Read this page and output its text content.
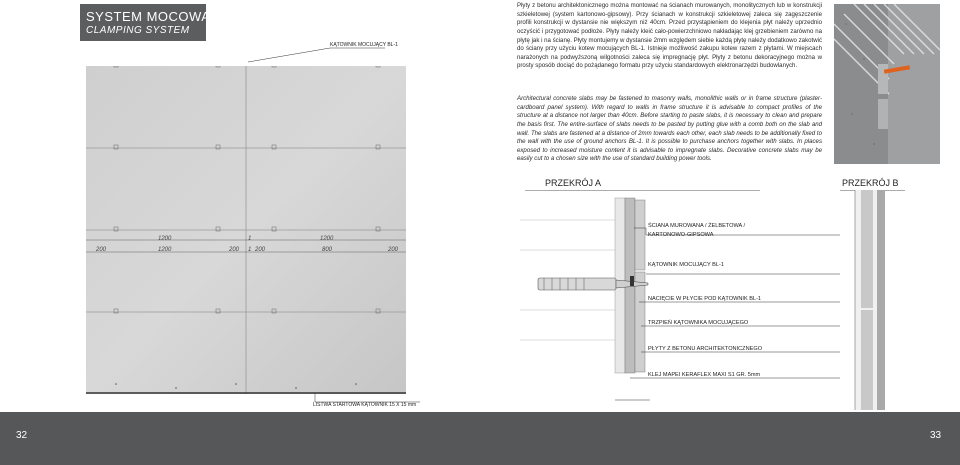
SYSTEM MOCOWAŃ
CLAMPING SYSTEM
KĄTOWNIK MOCUJĄCY BL-1
1200	1	1200
200	1200	200 1 200	800	200
LISTWA STARTOWA KĄTOWNIK 15 X 15 mm
Płyty z betonu architektonicznego można montować na ścianach murowanych, monolitycznych lub w konstrukcji szkieletowej (system kartonowo-gipsowy). Przy ścianach w konstrukcji szkieletowej zaleca się zagęszczenie profili konstrukcji w dystansie nie większym niż 40cm. Przed przystąpieniem do klejenia płyt należy uprzednio oczyścić i przygotować podłoże. Płyty należy kleić cało-powierzchniowo nakładając klej grzebieniem zarówno na płytę jak i na ścianę. Płyty montujemy w dystansie 2mm względem siebie każdą płytę należy dodatkowo zakotwić do ściany przy użyciu kotew mocujących BL-1. Istnieje możliwość zakupu kotew razem z płytami. W miejscach narażonych na podwyższoną wilgotności zaleca się impregnację płyt. Płyty z betonu dekoracyjnego można w prosty sposób dociąć do pożądanego formatu przy użyciu standardowych elektronarzędzi budowlanych.
Architectural concrete slabs may be fastened to masonry walls, monolithic walls or in frame structure (plaster-cardboard panel system). With regard to walls in frame structure it is advisable to compact profiles of the structure at a distance not larger than 40cm. Before starting to paste slabs, it is necessary to clean and prepare the basis first. The entire-surface of slabs needs to be pasted by putting glue with a comb both on the slab and wall. The slabs are fastened at a distance of 2mm towards each other, each slab needs to be additionally fixed to the wall with the use of ground anchors BL-1. It is possible to purchase anchors together with slabs. In places exposed to increased moisture content it is advisable to impregnate slabs. Decorative concrete slabs may be easily cut to a chosen size with the use of standard building power tools.
PRZEKRÓJ A	PRZEKRÓJ B
ŚCIANA MUROWANA / ŻELBETOWA /
KARTONOWO-GIPSOWA
KĄTOWNIK MOCUJĄCY BL-1
NACIĘCIE W PŁYCIE POD KĄTOWNIK BL-1
TRZPIEŃ KĄTOWNIKA MOCUJĄCEGO
PŁYTY Z BETONU ARCHITEKTONICZNEGO
KLEJ MAPEI KERAFLEX MAXI S1 GR. 5mm
32	33
